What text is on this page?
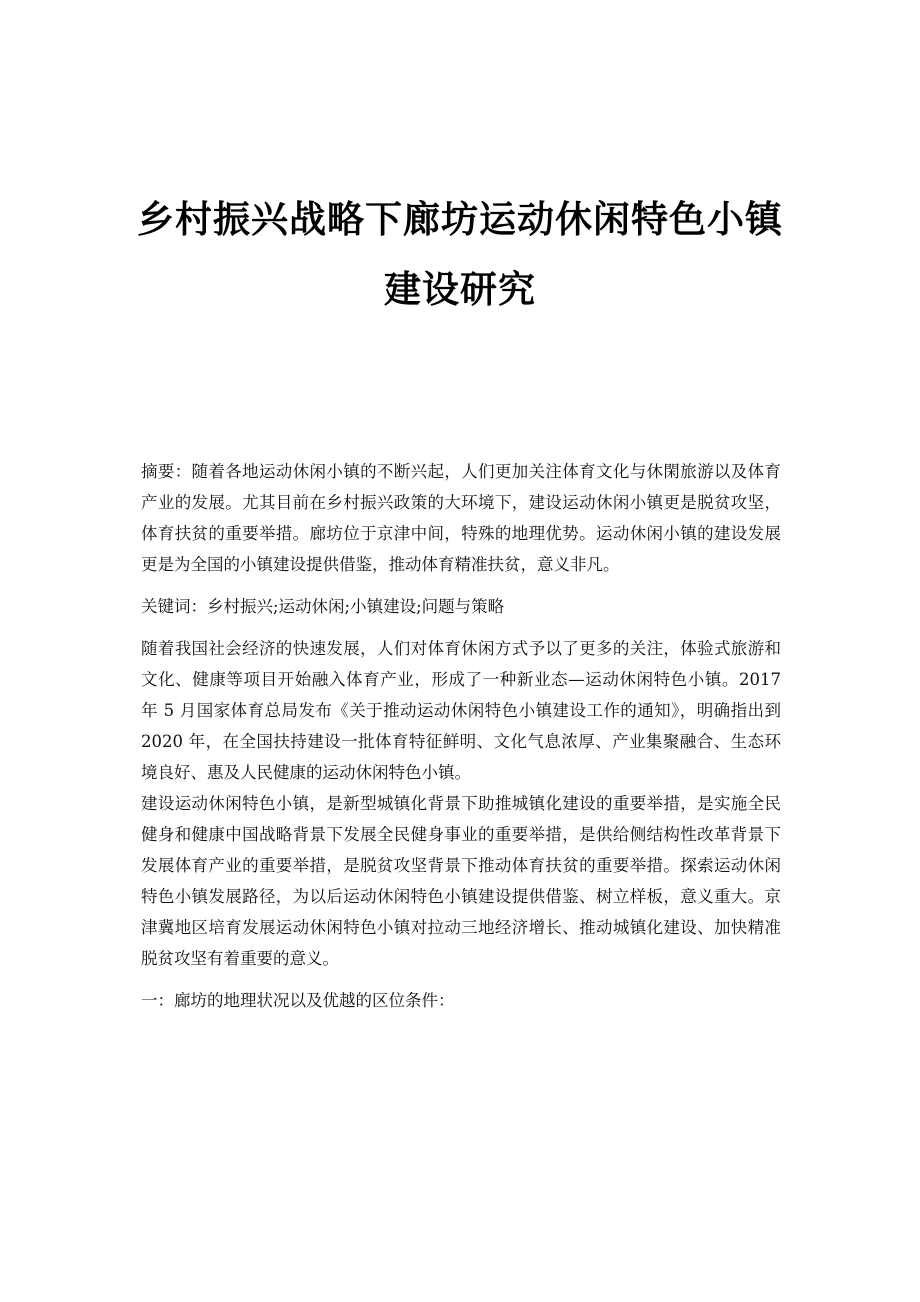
乡村振兴战略下廊坊运动休闲特色小镇
建设研究

摘要：随着各地运动休闲小镇的不断兴起，人们更加关注体育文化与休閑旅游以及体育产业的发展。尤其目前在乡村振兴政策的大环境下，建设运动休闲小镇更是脱贫攻坚，体育扶贫的重要举措。廊坊位于京津中间，特殊的地理优势。运动休闲小镇的建设发展更是为全国的小镇建设提供借鉴，推动体育精准扶贫，意义非凡。

关键词：乡村振兴;运动休闲;小镇建设;问题与策略

随着我国社会经济的快速发展，人们对体育休闲方式予以了更多的关注，体验式旅游和文化、健康等项目开始融入体育产业，形成了一种新业态—运动休闲特色小镇。2017 年 5 月国家体育总局发布《关于推动运动休闲特色小镇建设工作的通知》，明确指出到 2020 年，在全国扶持建设一批体育特征鲜明、文化气息浓厚、产业集聚融合、生态环境良好、惠及人民健康的运动休闲特色小镇。

建设运动休闲特色小镇，是新型城镇化背景下助推城镇化建设的重要举措，是实施全民健身和健康中国战略背景下发展全民健身事业的重要举措，是供给侧结构性改革背景下发展体育产业的重要举措，是脱贫攻坚背景下推动体育扶贫的重要举措。探索运动休闲特色小镇发展路径，为以后运动休闲特色小镇建设提供借鉴、树立样板，意义重大。京津冀地区培育发展运动休闲特色小镇对拉动三地经济增长、推动城镇化建设、加快精准脱贫攻坚有着重要的意义。

一：廊坊的地理状况以及优越的区位条件：
